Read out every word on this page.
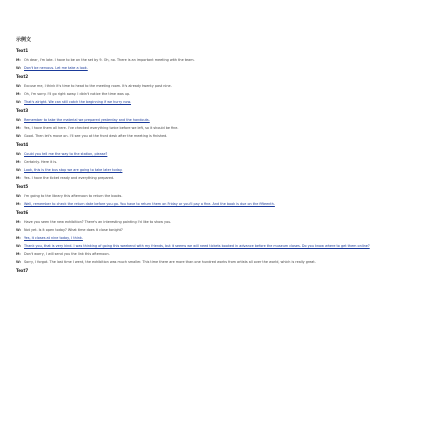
示例文
Text1
M: Oh dear, I'm late. I have to be on the set by 9. Oh, no. There is an important meeting with the team.
W: Don't be nervous. Let me take a look.
Text2
W: Excuse me, I think it's time to head to the meeting room. It's already twenty past nine.
M: Oh, I'm sorry. I'll go right away. I didn't notice the time was up.
W: That's alright. We can still catch the beginning if we hurry now.
Text3
W: Remember to take the material we prepared yesterday and the handouts.
M: Yes, I have them all here. I've checked everything twice before we left, so it should be fine.
W: Good. Then let's move on. I'll see you at the front desk after the meeting is finished.
Text4
W: Could you tell me the way to the station, please?
M: Certainly. Here it is.
W: Look, this is the bus stop we are going to take later today.
M: Yes. I have the ticket ready and everything prepared.
Text5
W: I'm going to the library this afternoon to return the books.
M: Well, remember to check the return date before you go. You have to return them on Friday or you'll pay a fine. And the book is due on the fifteenth.
Text6
M: Have you seen the new exhibition? There's an interesting painting I'd like to show you.
W: Not yet. Is it open today? What time does it close tonight?
M: Yes, it closes at nine today, I think.
W: Thank you, that is very kind. I was thinking of going this weekend with my friends, but it seems we will need tickets booked in advance before the museum closes. Do you know where to get them online?
M: Don't worry, I will send you the link this afternoon.
W: Sorry, I forgot. The last time I went, the exhibition was much smaller. This time there are more than one hundred works from artists all over the world, which is really great.
Text7
